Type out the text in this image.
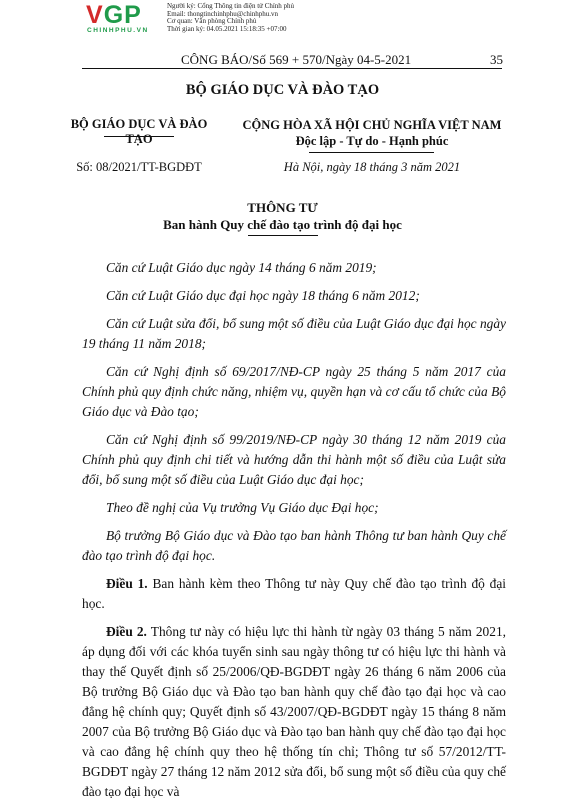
VGP
CHINHPHU.VN
Người ký: Cổng Thông tin điện tử Chính phủ
Email: thongtinchinhphu@chinhphu.vn
Cơ quan: Văn phòng Chính phủ
Thời gian ký: 04.05.2021 15:18:35 +07:00
CÔNG BÁO/Số 569 + 570/Ngày 04-5-2021	35
BỘ GIÁO DỤC VÀ ĐÀO TẠO
BỘ GIÁO DỤC VÀ ĐÀO TẠO
CỘNG HÒA XÃ HỘI CHỦ NGHĨA VIỆT NAM
Độc lập - Tự do - Hạnh phúc
Số: 08/2021/TT-BGDĐT	Hà Nội, ngày 18 tháng 3 năm 2021
THÔNG TƯ
Ban hành Quy chế đào tạo trình độ đại học

Căn cứ Luật Giáo dục ngày 14 tháng 6 năm 2019;

Căn cứ Luật Giáo dục đại học ngày 18 tháng 6 năm 2012;

Căn cứ Luật sửa đổi, bổ sung một số điều của Luật Giáo dục đại học ngày 19 tháng 11 năm 2018;

Căn cứ Nghị định số 69/2017/NĐ-CP ngày 25 tháng 5 năm 2017 của Chính phủ quy định chức năng, nhiệm vụ, quyền hạn và cơ cấu tổ chức của Bộ Giáo dục và Đào tạo;

Căn cứ Nghị định số 99/2019/NĐ-CP ngày 30 tháng 12 năm 2019 của Chính phủ quy định chi tiết và hướng dẫn thi hành một số điều của Luật sửa đổi, bổ sung một số điều của Luật Giáo dục đại học;

Theo đề nghị của Vụ trưởng Vụ Giáo dục Đại học;

Bộ trưởng Bộ Giáo dục và Đào tạo ban hành Thông tư ban hành Quy chế đào tạo trình độ đại học.

Điều 1. Ban hành kèm theo Thông tư này Quy chế đào tạo trình độ đại học.

Điều 2. Thông tư này có hiệu lực thi hành từ ngày 03 tháng 5 năm 2021, áp dụng đối với các khóa tuyển sinh sau ngày thông tư có hiệu lực thi hành và thay thế Quyết định số 25/2006/QĐ-BGDĐT ngày 26 tháng 6 năm 2006 của Bộ trưởng Bộ Giáo dục và Đào tạo ban hành quy chế đào tạo đại học và cao đẳng hệ chính quy; Quyết định số 43/2007/QĐ-BGDĐT ngày 15 tháng 8 năm 2007 của Bộ trưởng Bộ Giáo dục và Đào tạo ban hành quy chế đào tạo đại học và cao đẳng hệ chính quy theo hệ thống tín chỉ; Thông tư số 57/2012/TT-BGDĐT ngày 27 tháng 12 năm 2012 sửa đổi, bổ sung một số điều của quy chế đào tạo đại học và
